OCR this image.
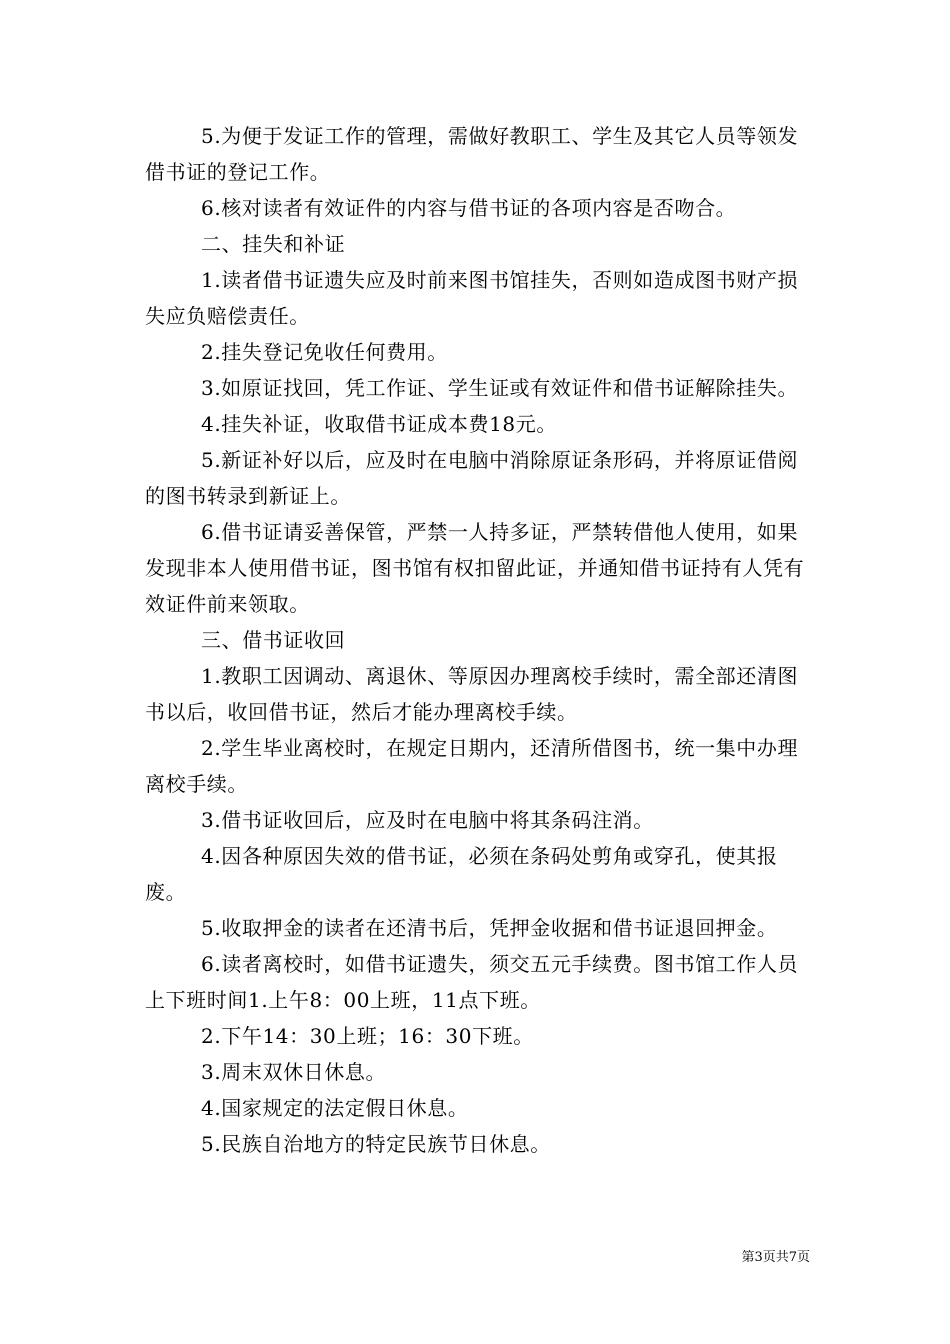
5.为便于发证工作的管理，需做好教职工、学生及其它人员等领发借书证的登记工作。

6.核对读者有效证件的内容与借书证的各项内容是否吻合。

二、挂失和补证

1.读者借书证遗失应及时前来图书馆挂失，否则如造成图书财产损失应负赔偿责任。

2.挂失登记免收任何费用。

3.如原证找回，凭工作证、学生证或有效证件和借书证解除挂失。

4.挂失补证，收取借书证成本费18元。

5.新证补好以后，应及时在电脑中消除原证条形码，并将原证借阅的图书转录到新证上。

6.借书证请妥善保管，严禁一人持多证，严禁转借他人使用，如果发现非本人使用借书证，图书馆有权扣留此证，并通知借书证持有人凭有效证件前来领取。

三、借书证收回

1.教职工因调动、离退休、等原因办理离校手续时，需全部还清图书以后，收回借书证，然后才能办理离校手续。

2.学生毕业离校时，在规定日期内，还清所借图书，统一集中办理离校手续。

3.借书证收回后，应及时在电脑中将其条码注消。

4.因各种原因失效的借书证，必须在条码处剪角或穿孔，使其报废。

5.收取押金的读者在还清书后，凭押金收据和借书证退回押金。

6.读者离校时，如借书证遗失，须交五元手续费。图书馆工作人员上下班时间1.上午8：00上班，11点下班。

2.下午14：30上班；16：30下班。

3.周末双休日休息。

4.国家规定的法定假日休息。

5.民族自治地方的特定民族节日休息。

第3页共7页
